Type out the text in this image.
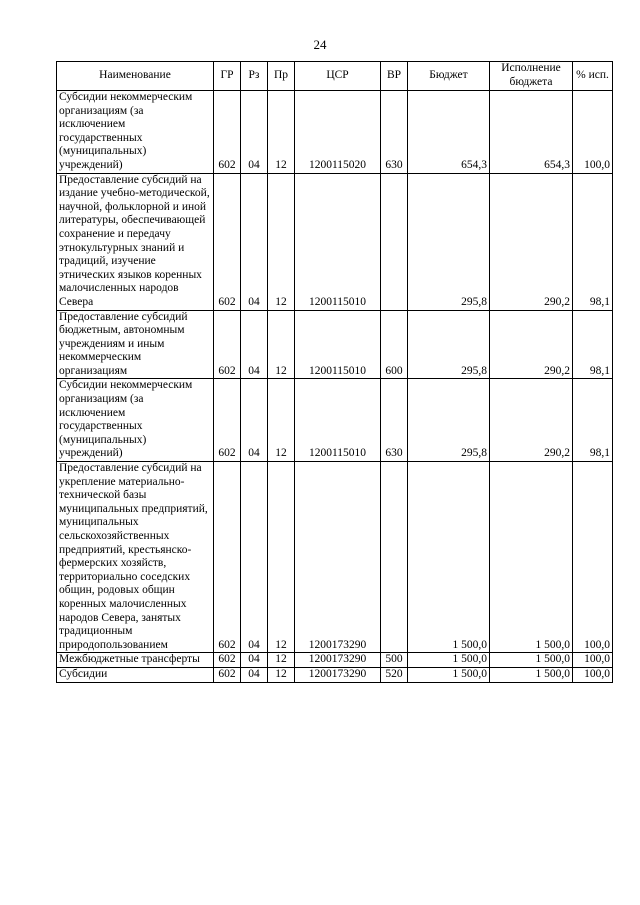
24
Наименование	ГР	Рз	Пр	ЦСР	ВР	Бюджет	Исполнение бюджета	% исп.
Субсидии некоммерческим организациям (за исключением государственных (муниципальных) учреждений)	602	04	12	1200115020	630	654,3	654,3	100,0
Предоставление субсидий на издание учебно-методической, научной, фольклорной и иной литературы, обеспечивающей сохранение и передачу этнокультурных знаний и традиций, изучение этнических языков коренных малочисленных народов Севера	602	04	12	1200115010		295,8	290,2	98,1
Предоставление субсидий бюджетным, автономным учреждениям и иным некоммерческим организациям	602	04	12	1200115010	600	295,8	290,2	98,1
Субсидии некоммерческим организациям (за исключением государственных (муниципальных) учреждений)	602	04	12	1200115010	630	295,8	290,2	98,1
Предоставление субсидий на укрепление материально-технической базы муниципальных предприятий, муниципальных сельскохозяйственных предприятий, крестьянско-фермерских хозяйств, территориально соседских общин, родовых общин коренных малочисленных народов Севера, занятых традиционным природопользованием	602	04	12	1200173290		1 500,0	1 500,0	100,0
Межбюджетные трансферты	602	04	12	1200173290	500	1 500,0	1 500,0	100,0
Субсидии	602	04	12	1200173290	520	1 500,0	1 500,0	100,0
